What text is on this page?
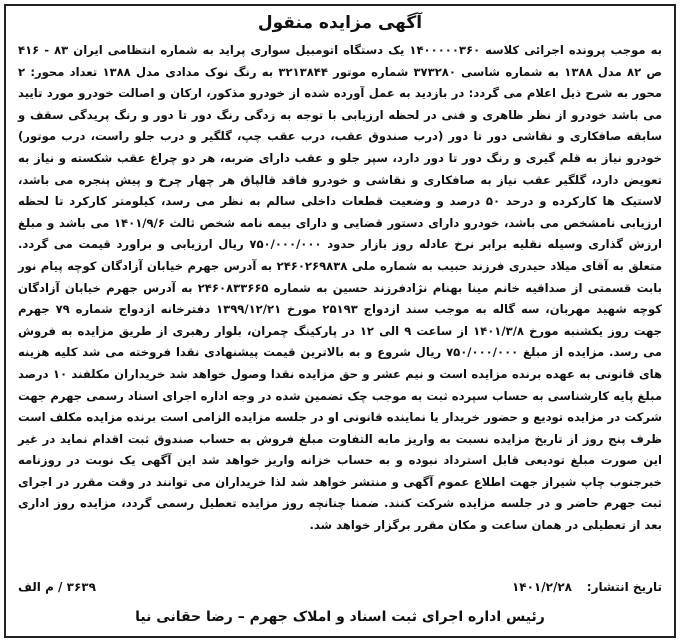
آگهی مزایده منقول
به موجب پرونده اجرائی کلاسه ۱۴۰۰۰۰۰۳۶۰ یک دستگاه اتومبیل سواری پراید به شماره انتظامی ایران ۸۳ - ۴۱۶ ص ۸۲ مدل ۱۳۸۸ به شماره شاسی ۳۷۳۲۸۰ شماره موتور ۳۲۱۳۸۴۴ به رنگ نوک مدادی مدل ۱۳۸۸ تعداد محور: ۲ محور به شرح ذیل اعلام می گردد: در بازدید به عمل آورده شده از خودرو مذکور، ارکان و اصالت خودرو مورد تایید می باشد خودرو از نظر ظاهری و فنی در لحظه ارزیابی با توجه به زدگی رنگ دور تا دور و رنگ پریدگی سقف و سابقه صافکاری و نقاشی دور تا دور (درب صندوق عقب، درب عقب چپ، گلگیر و درب جلو راست، درب موتور) خودرو نیاز به قلم گیری و رنگ دور تا دور دارد، سپر جلو و عقب دارای ضربه، هر دو چراغ عقب شکسته و نیاز به تعویض دارد، گلگیر عقب نیاز به صافکاری و نقاشی و خودرو فاقد قالپاق هر چهار چرخ و پیش پنجره می باشد، لاستیک ها کارکرده و درحد ۵۰ درصد و وضعیت قطعات داخلی سالم به نظر می رسد، کیلومتر کارکرد تا لحظه ارزیابی نامشخص می باشد، خودرو دارای دستور قضایی و دارای بیمه نامه شخص ثالث ۱۴۰۱/۹/۶ می باشد و مبلغ ارزش گذاری وسیله نقلیه برابر نرخ عادله روز بازار حدود ۷۵۰/۰۰۰/۰۰۰ ریال ارزیابی و براورد قیمت می گردد. متعلق به آقای میلاد حیدری فرزند حبیب به شماره ملی ۲۴۶۰۲۶۹۸۳۸ به آدرس جهرم خیابان آزادگان کوچه پیام نور بابت قسمتی از صداقیه خانم مینا بهنام نژادفرزند حسین به شماره ۲۴۶۰۸۳۳۶۶۵ به آدرس جهرم خیابان آزادگان کوچه شهید مهربان، سه گاله به موجب سند ازدواج ۲۵۱۹۳ مورخ ۱۳۹۹/۱۲/۲۱ دفترخانه ازدواج شماره ۷۹ جهرم جهت روز یکشنبه مورخ ۱۴۰۱/۳/۸ از ساعت ۹ الی ۱۲ در پارکینگ چمران، بلوار رهبری از طریق مزایده به فروش می رسد. مزایده از مبلغ ۷۵۰/۰۰۰/۰۰۰ ریال شروع و به بالاترین قیمت پیشنهادی نقدا فروخته می شد کلیه هزینه های قانونی به عهده برنده مزایده است و نیم عشر و حق مزایده نقدا وصول خواهد شد خریداران مکلفند ۱۰ درصد مبلغ پایه کارشناسی به حساب سپرده ثبت به موجب چک تضمین شده در وجه اداره اجرای اسناد رسمی جهرم جهت شرکت در مزایده تودیع و حضور خریدار یا نماینده قانونی او در جلسه مزایده الزامی است برنده مزایده مکلف است ظرف پنج روز از تاریخ مزایده نسبت به واریز مابه التفاوت مبلغ فروش به حساب صندوق ثبت اقدام نماید در غیر این صورت مبلغ تودیعی قابل استرداد نبوده و به حساب خزانه واریز خواهد شد این آگهی یک نوبت در روزنامه خبرجنوب چاپ شیراز جهت اطلاع عموم آگهی و منتشر خواهد شد لذا خریداران می توانند در وقت مقرر در اجرای ثبت جهرم حاضر و در جلسه مزایده شرکت کنند. ضمنا چنانچه روز مزایده تعطیل رسمی گردد، مزایده روز اداری بعد از تعطیلی در همان ساعت و مکان مقرر برگزار خواهد شد.
تاریخ انتشار:
۱۴۰۱/۲/۲۸
۳۶۳۹ / م الف
رئیس اداره اجرای ثبت اسناد و املاک جهرم – رضا حقانی نیا
